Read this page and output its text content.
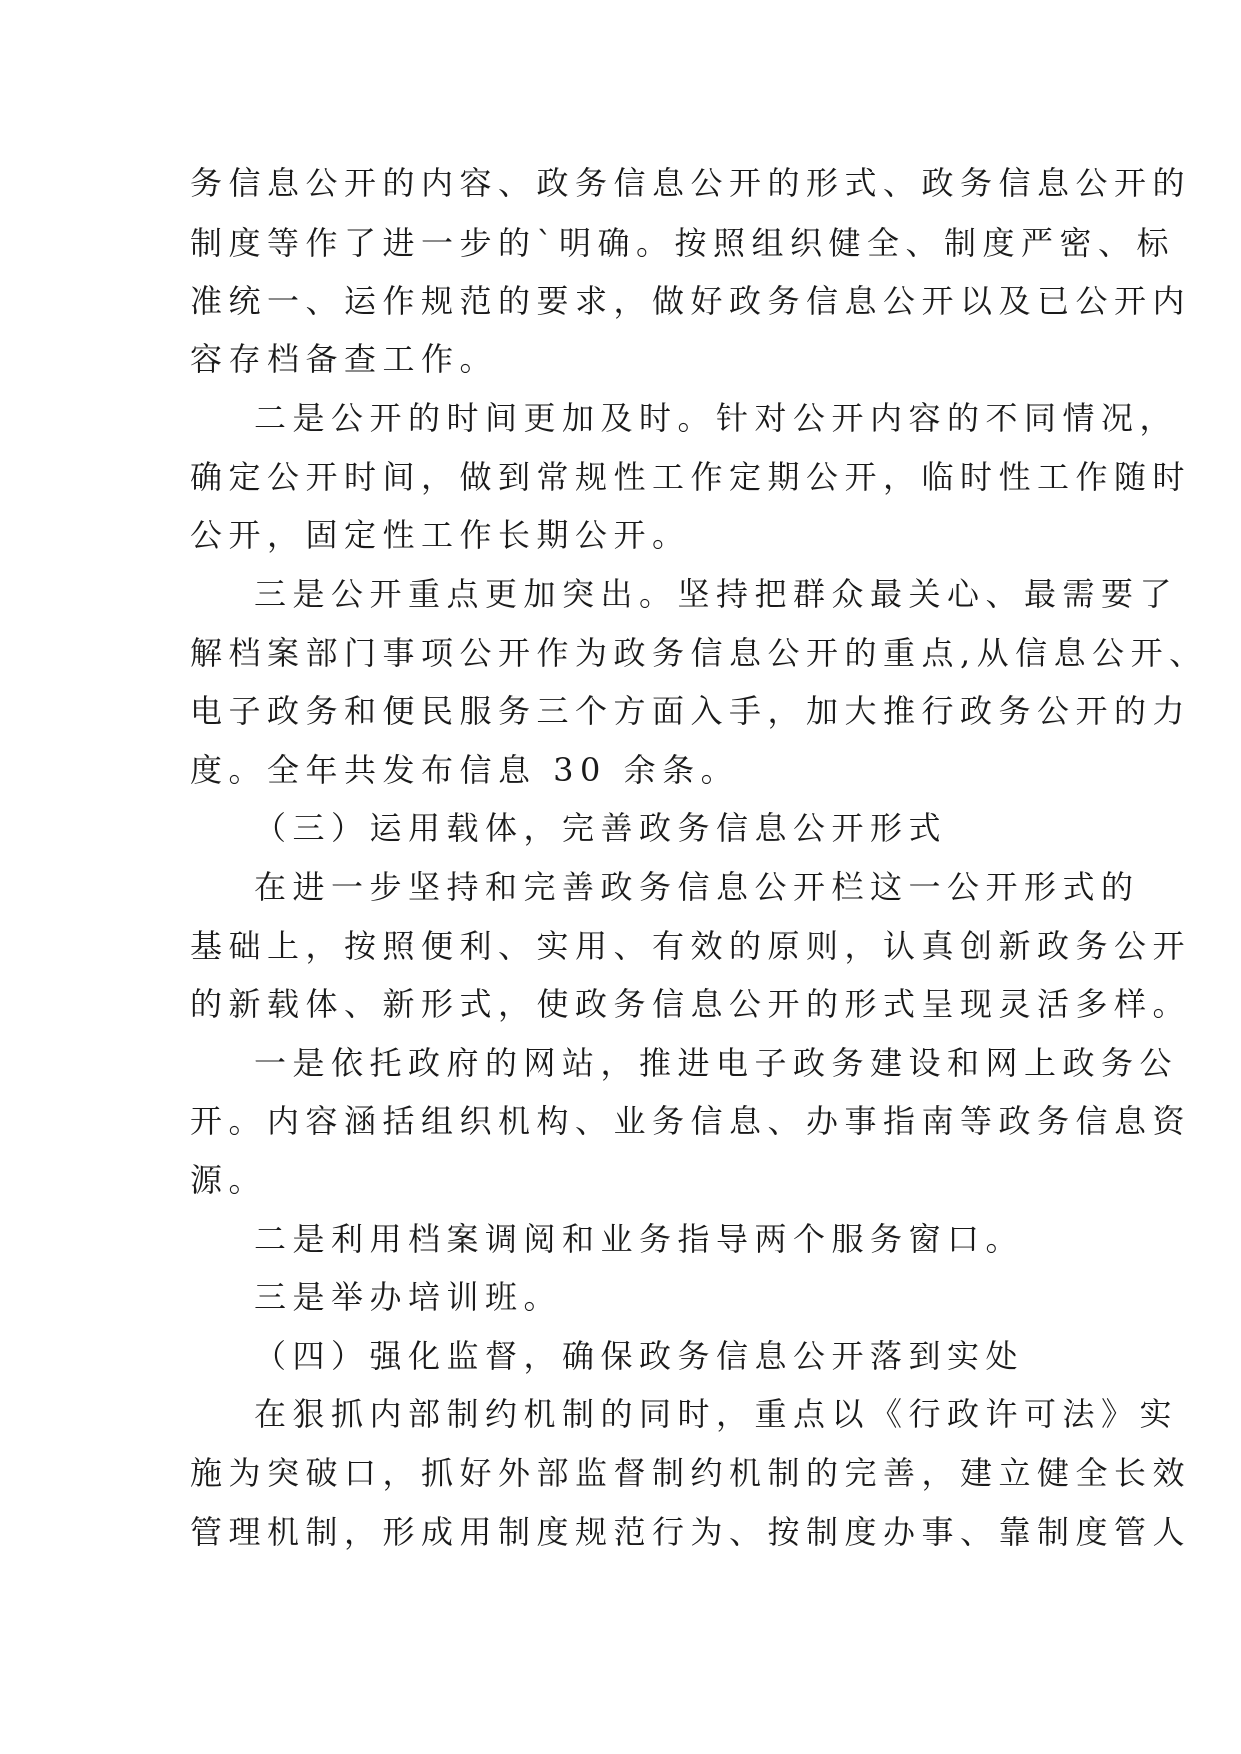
务信息公开的内容、政务信息公开的形式、政务信息公开的
制度等作了进一步的`明确。按照组织健全、制度严密、标
准统一、运作规范的要求，做好政务信息公开以及已公开内
容存档备查工作。
二是公开的时间更加及时。针对公开内容的不同情况，
确定公开时间，做到常规性工作定期公开，临时性工作随时
公开，固定性工作长期公开。
三是公开重点更加突出。坚持把群众最关心、最需要了
解档案部门事项公开作为政务信息公开的重点,从信息公开、
电子政务和便民服务三个方面入手，加大推行政务公开的力
度。全年共发布信息 30 余条。
（三）运用载体，完善政务信息公开形式
在进一步坚持和完善政务信息公开栏这一公开形式的
基础上，按照便利、实用、有效的原则，认真创新政务公开
的新载体、新形式，使政务信息公开的形式呈现灵活多样。
一是依托政府的网站，推进电子政务建设和网上政务公
开。内容涵括组织机构、业务信息、办事指南等政务信息资
源。
二是利用档案调阅和业务指导两个服务窗口。
三是举办培训班。
（四）强化监督，确保政务信息公开落到实处
在狠抓内部制约机制的同时，重点以《行政许可法》实
施为突破口，抓好外部监督制约机制的完善，建立健全长效
管理机制，形成用制度规范行为、按制度办事、靠制度管人
